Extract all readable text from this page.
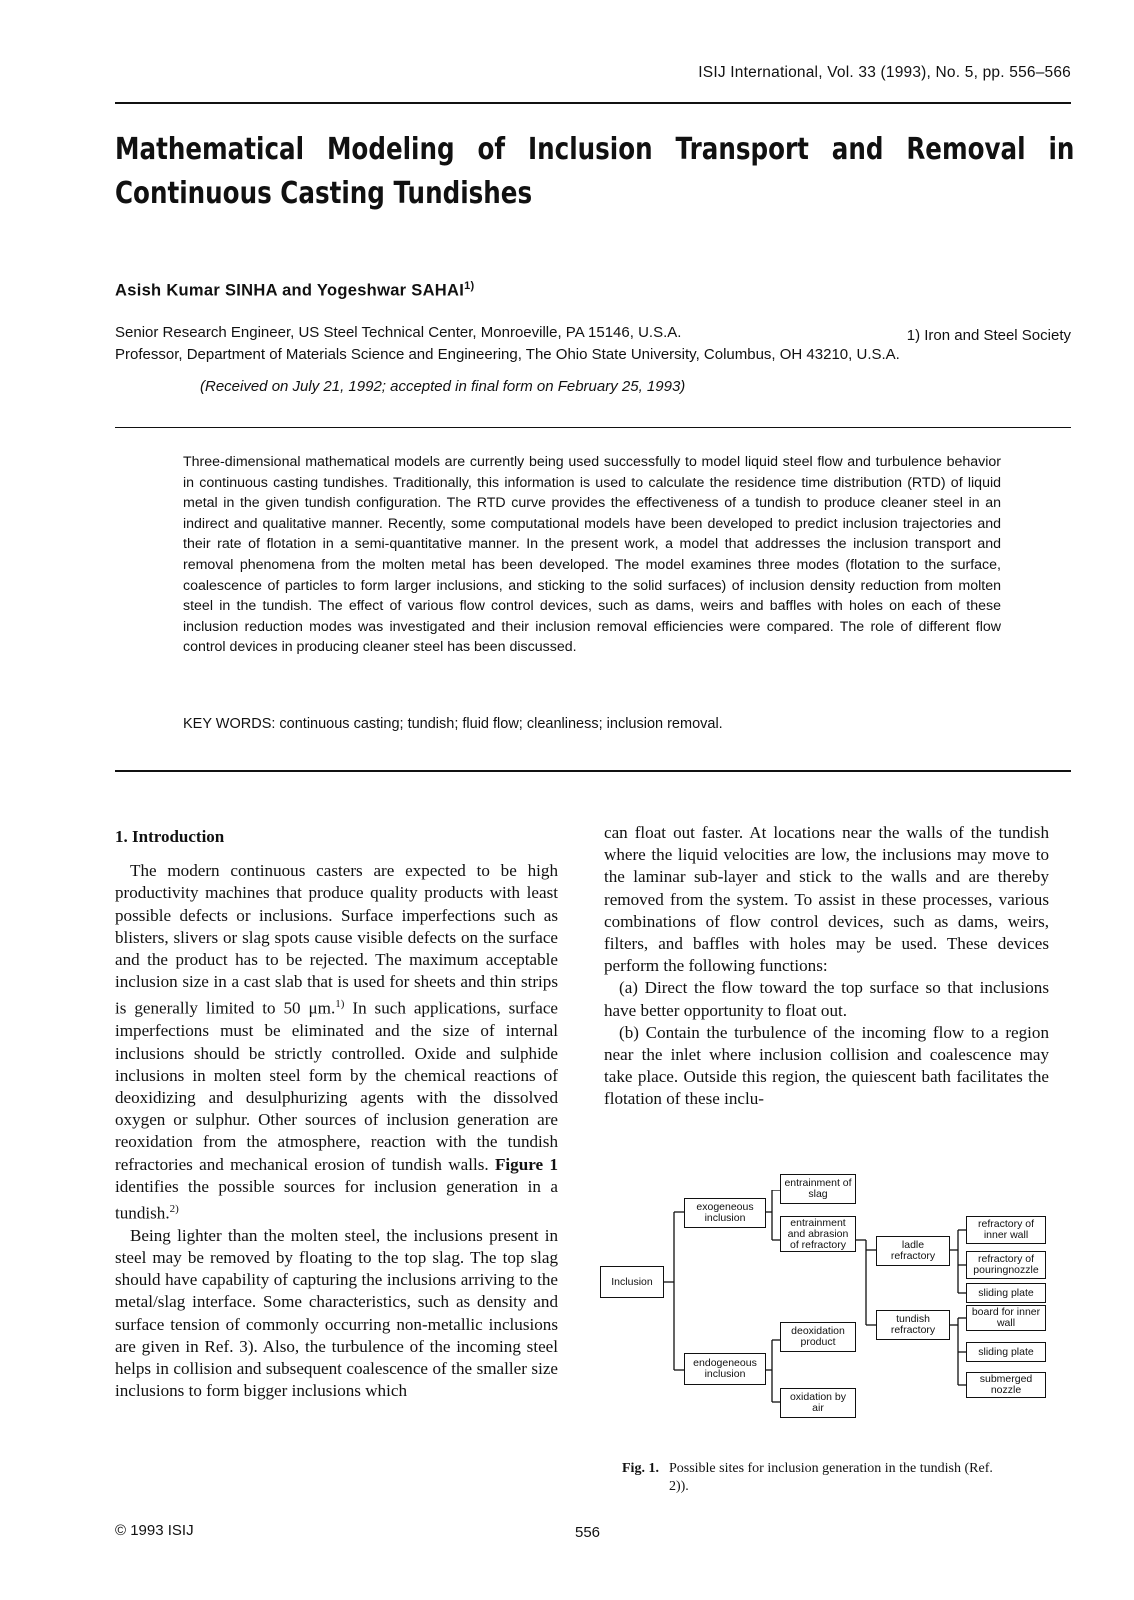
ISIJ International, Vol. 33 (1993), No. 5, pp. 556–566
Mathematical Modeling of Inclusion Transport and Removal in
Continuous Casting Tundishes
Asish Kumar SINHA and Yogeshwar SAHAI$^{1)}$
Senior Research Engineer, US Steel Technical Center, Monroeville, PA 15146, U.S.A.	1) Iron and Steel Society
Professor, Department of Materials Science and Engineering, The Ohio State University, Columbus, OH 43210, U.S.A.
(Received on July 21, 1992; accepted in final form on February 25, 1993)

Three-dimensional mathematical models are currently being used successfully to model liquid steel flow and turbulence behavior in continuous casting tundishes. Traditionally, this information is used to calculate the residence time distribution (RTD) of liquid metal in the given tundish configuration. The RTD curve provides the effectiveness of a tundish to produce cleaner steel in an indirect and qualitative manner. Recently, some computational models have been developed to predict inclusion trajectories and their rate of flotation in a semi-quantitative manner. In the present work, a model that addresses the inclusion transport and removal phenomena from the molten metal has been developed. The model examines three modes (flotation to the surface, coalescence of particles to form larger inclusions, and sticking to the solid surfaces) of inclusion density reduction from molten steel in the tundish. The effect of various flow control devices, such as dams, weirs and baffles with holes on each of these inclusion reduction modes was investigated and their inclusion removal efficiencies were compared. The role of different flow control devices in producing cleaner steel has been discussed.

KEY WORDS: continuous casting; tundish; fluid flow; cleanliness; inclusion removal.
1. Introduction

The modern continuous casters are expected to be high productivity machines that produce quality products with least possible defects or inclusions. Surface imperfections such as blisters, slivers or slag spots cause visible defects on the surface and the product has to be rejected. The maximum acceptable inclusion size in a cast slab that is used for sheets and thin strips is generally limited to 50 μm.$^{1)}$ In such applications, surface imperfections must be eliminated and the size of internal inclusions should be strictly controlled. Oxide and sulphide inclusions in molten steel form by the chemical reactions of deoxidizing and desulphurizing agents with the dissolved oxygen or sulphur. Other sources of inclusion generation are reoxidation from the atmosphere, reaction with the tundish refractories and mechanical erosion of tundish walls. Figure 1 identifies the possible sources for inclusion generation in a tundish.$^{2)}$

Being lighter than the molten steel, the inclusions present in steel may be removed by floating to the top slag. The top slag should have capability of capturing the inclusions arriving to the metal/slag interface. Some characteristics, such as density and surface tension of commonly occurring non-metallic inclusions are given in Ref. 3). Also, the turbulence of the incoming steel helps in collision and subsequent coalescence of the smaller size inclusions to form bigger inclusions which

can float out faster. At locations near the walls of the tundish where the liquid velocities are low, the inclusions may move to the laminar sub-layer and stick to the walls and are thereby removed from the system. To assist in these processes, various combinations of flow control devices, such as dams, weirs, filters, and baffles with holes may be used. These devices perform the following functions:

(a) Direct the flow toward the top surface so that inclusions have better opportunity to float out.

(b) Contain the turbulence of the incoming flow to a region near the inlet where inclusion collision and coalescence may take place. Outside this region, the quiescent bath facilitates the flotation of these inclu-

Inclusion
exogeneous inclusion
endogeneous inclusion
entrainment of slag
entrainment and abrasion of refractory
deoxidation product
oxidation by air
ladle refractory
tundish refractory
refractory of inner wall
refractory of pouringnozzle
sliding plate
board for inner wall
sliding plate
submerged nozzle
Fig. 1. Possible sites for inclusion generation in the tundish (Ref. 2)).
© 1993 ISIJ	556
